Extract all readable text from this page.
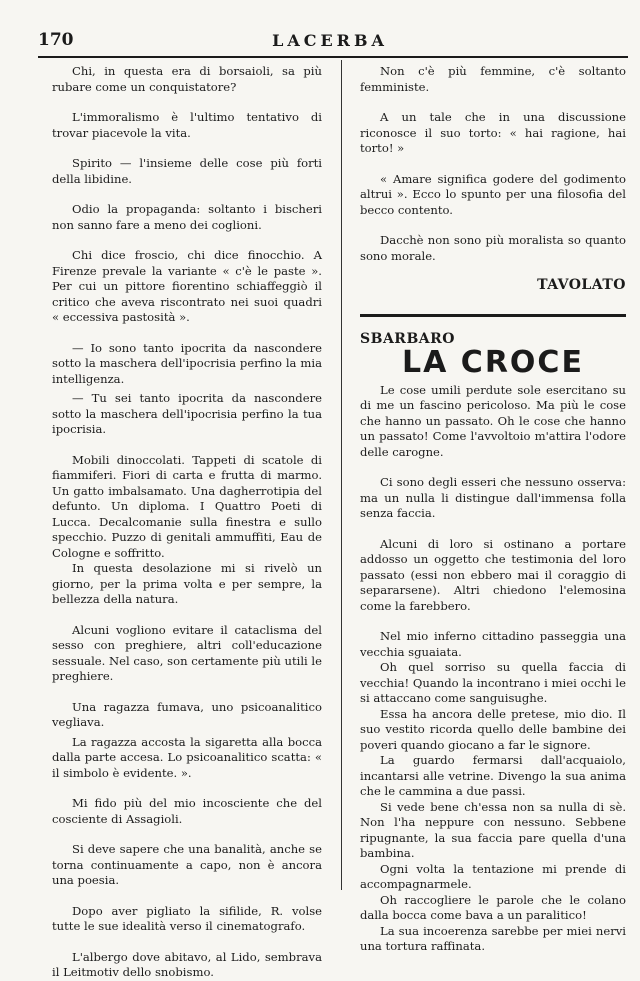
170	LACERBA

Chi, in questa era di borsaioli, sa più rubare come un conquistatore?

L'immoralismo è l'ultimo tentativo di trovar piacevole la vita.

Spirito — l'insieme delle cose più forti della libidine.

Odio la propaganda: soltanto i bischeri non sanno fare a meno dei coglioni.

Chi dice froscio, chi dice finocchio. A Firenze prevale la variante « c'è le paste ». Per cui un pittore fiorentino schiaffeggiò il critico che aveva riscontrato nei suoi quadri « eccessiva pastosità ».

— Io sono tanto ipocrita da nascondere sotto la maschera dell'ipocrisia perfino la mia intelligenza.

— Tu sei tanto ipocrita da nascondere sotto la maschera dell'ipocrisia perfino la tua ipocrisia.

Mobili dinoccolati. Tappeti di scatole di fiammiferi. Fiori di carta e frutta di marmo. Un gatto imbalsamato. Una dagherrotipia del defunto. Un diploma. I Quattro Poeti di Lucca. Decalcomanie sulla finestra e sullo specchio. Puzzo di genitali ammuffiti, Eau de Cologne e soffritto.

In questa desolazione mi si rivelò un giorno, per la prima volta e per sempre, la bellezza della natura.

Alcuni vogliono evitare il cataclisma del sesso con preghiere, altri coll'educazione sessuale. Nel caso, son certamente più utili le preghiere.

Una ragazza fumava, uno psicoanalitico vegliava.

La ragazza accosta la sigaretta alla bocca dalla parte accesa. Lo psicoanalitico scatta: « il simbolo è evidente. ».

Mi fido più del mio incosciente che del cosciente di Assagioli.

Si deve sapere che una banalità, anche se torna continuamente a capo, non è ancora una poesia.

Dopo aver pigliato la sifilide, R. volse tutte le sue idealità verso il cinematografo.

L'albergo dove abitavo, al Lido, sembrava il Leitmotiv dello snobismo.

Non c'è più femmine, c'è soltanto femministe.

A un tale che in una discussione riconosce il suo torto: « hai ragione, hai torto! »

« Amare significa godere del godimento altrui ». Ecco lo spunto per una filosofia del becco contento.

Dacchè non sono più moralista so quanto sono morale.

TAVOLATO
SBARBARO
LA CROCE

Le cose umili perdute sole esercitano su di me un fascino pericoloso. Ma più le cose che hanno un passato. Oh le cose che hanno un passato! Come l'avvoltoio m'attira l'odore delle carogne.

Ci sono degli esseri che nessuno osserva: ma un nulla li distingue dall'immensa folla senza faccia.

Alcuni di loro si ostinano a portare addosso un oggetto che testimonia del loro passato (essi non ebbero mai il coraggio di separarsene). Altri chiedono l'elemosina come la farebbero.

Nel mio inferno cittadino passeggia una vecchia sguaiata.

Oh quel sorriso su quella faccia di vecchia! Quando la incontrano i miei occhi le si attaccano come sanguisughe.

Essa ha ancora delle pretese, mio dio. Il suo vestito ricorda quello delle bambine dei poveri quando giocano a far le signore.

La guardo fermarsi dall'acquaiolo, incantarsi alle vetrine. Divengo la sua anima che le cammina a due passi.

Si vede bene ch'essa non sa nulla di sè. Non l'ha neppure con nessuno. Sebbene ripugnante, la sua faccia pare quella d'una bambina.

Ogni volta la tentazione mi prende di accompagnarmele.

Oh raccogliere le parole che le colano dalla bocca come bava a un paralitico!

La sua incoerenza sarebbe per miei nervi una tortura raffinata.
